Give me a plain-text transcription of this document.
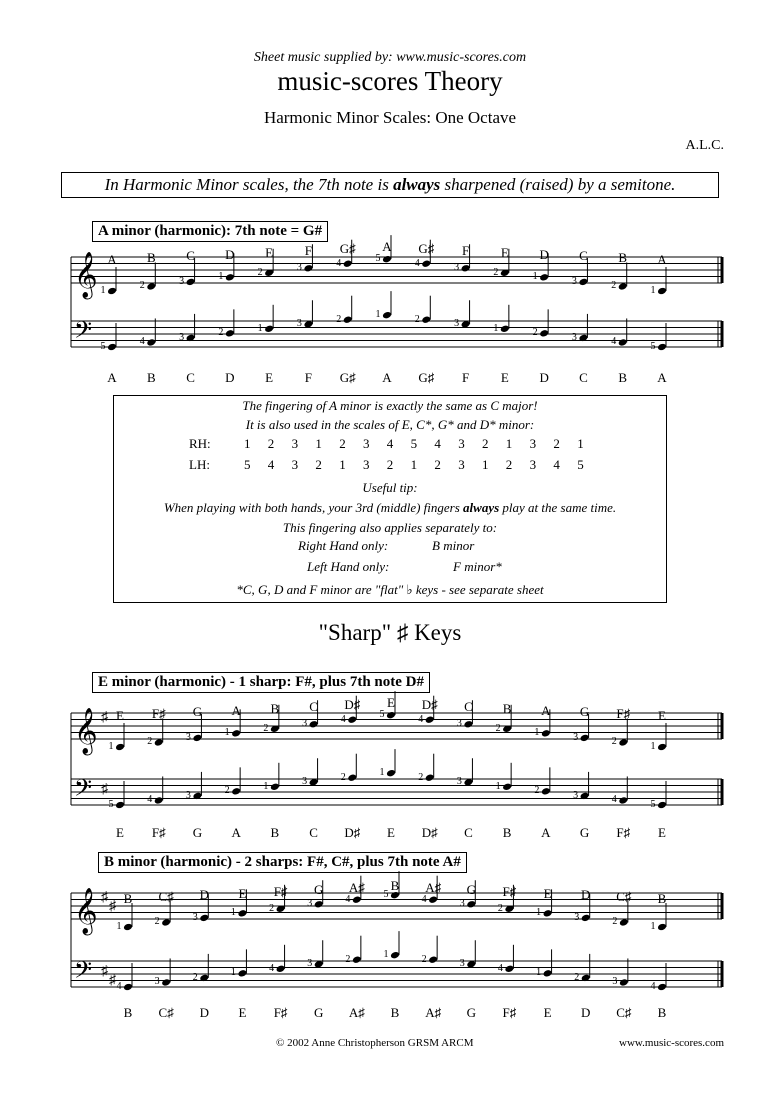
Sheet music supplied by: www.music-scores.com
music-scores Theory
Harmonic Minor Scales: One Octave
A.L.C.
In Harmonic Minor scales, the 7th note is always sharpened (raised) by a semitone.
A minor (harmonic): 7th note = G#
The fingering of A minor is exactly the same as C major!
It is also used in the scales of E, C*, G* and D* minor:
RH:	1 2 3 1 2 3 4 5 4 3 2 1 3 2 1
LH:	5 4 3 2 1 3 2 1 2 3 1 2 3 4 5
Useful tip:
When playing with both hands, your 3rd (middle) fingers always play at the same time.
This fingering also applies separately to:
Right Hand only:	B minor
Left Hand only:	F minor*
*C, G, D and F minor are "flat" ♭ keys - see separate sheet
"Sharp" ♯ Keys
E minor (harmonic) - 1 sharp: F#, plus 7th note D#
B minor (harmonic) - 2 sharps: F#, C#, plus 7th note A#
𝄞
𝄢
𝄞
𝄢
♯
♯
𝄞
𝄢
♯
♯
♯
♯
1
5
A
A
2
4
B
B
3
3
C
C
1
2
D
D
2
1
E
E
3
3
F
F
4
2
G♯
G♯
5
1
A
A
4
2
G♯
G♯
3
3
F
F
2
1
E
E
1
2
D
D
3
3
C
C
2
4
B
B
1
5
A
A
1
5
E
E
2
4
F♯
F♯
3
3
G
G
1
2
A
A
2
1
B
B
3
3
C
C
4
2
D♯
D♯
5
1
E
E
4
2
D♯
D♯
3
3
C
C
2
1
B
B
1
2
A
A
3
3
G
G
2
4
F♯
F♯
1
5
E
E
1
4
B
B
2
3
C♯
C♯
3
2
D
D
1
1
E
E
2
4
F♯
F♯
3
3
G
G
4
2
A♯
A♯
5
1
B
B
4
2
A♯
A♯
3
3
G
G
2
4
F♯
F♯
1
1
E
E
3
2
D
D
2
3
C♯
C♯
1
4
B
B
© 2002 Anne Christopherson GRSM ARCM	www.music-scores.com
